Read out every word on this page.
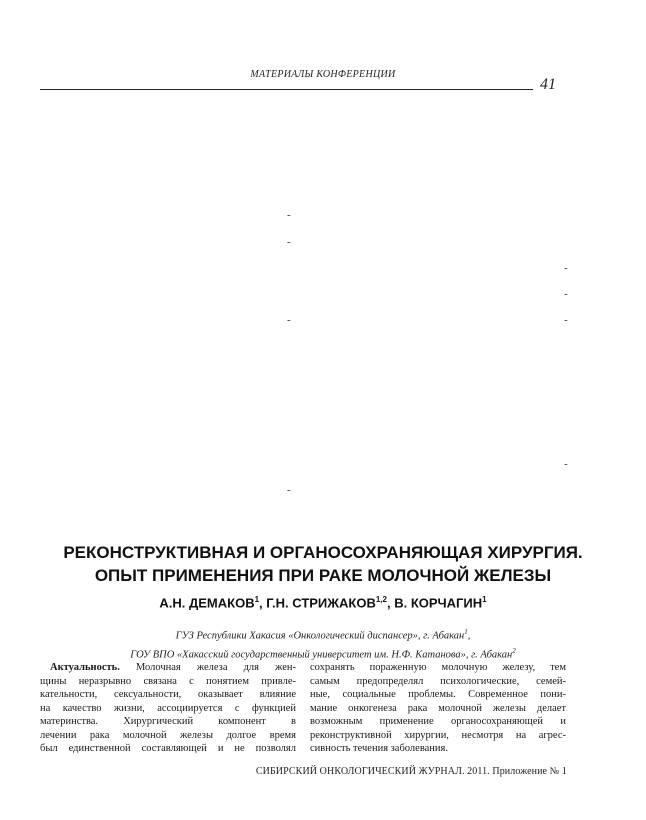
МАТЕРИАЛЫ КОНФЕРЕНЦИИ
41
-
-
-
-
-	-
-
-
РЕКОНСТРУКТИВНАЯ И ОРГАНОСОХРАНЯЮЩАЯ ХИРУРГИЯ.
ОПЫТ ПРИМЕНЕНИЯ ПРИ РАКЕ МОЛОЧНОЙ ЖЕЛЕЗЫ
А.Н. ДЕМАКОВ$^1$, Г.Н. СТРИЖАКОВ$^{1,2}$, В. КОРЧАГИН$^1$
ГУЗ Республики Хакасия «Онкологический диспансер», г. Абакан$^1$,
ГОУ ВПО «Хакасский государственный университет им. Н.Ф. Катанова», г. Абакан$^2$
Актуальность. Молочная железа для жен-
щины неразрывно связана с понятием привле-
кательности, сексуальности, оказывает влияние
на качество жизни, ассоциируется с функцией
материнства. Хирургический компонент в
лечении рака молочной железы долгое время
был единственной составляющей и не позволял
сохранять пораженную молочную железу, тем
самым предопределял психологические, семей-
ные, социальные проблемы. Современное пони-
мание онкогенеза рака молочной железы делает
возможным применение органосохраняющей и
реконструктивной хирургии, несмотря на агрес-
сивность течения заболевания.
СИБИРСКИЙ ОНКОЛОГИЧЕСКИЙ ЖУРНАЛ. 2011. Приложение № 1
